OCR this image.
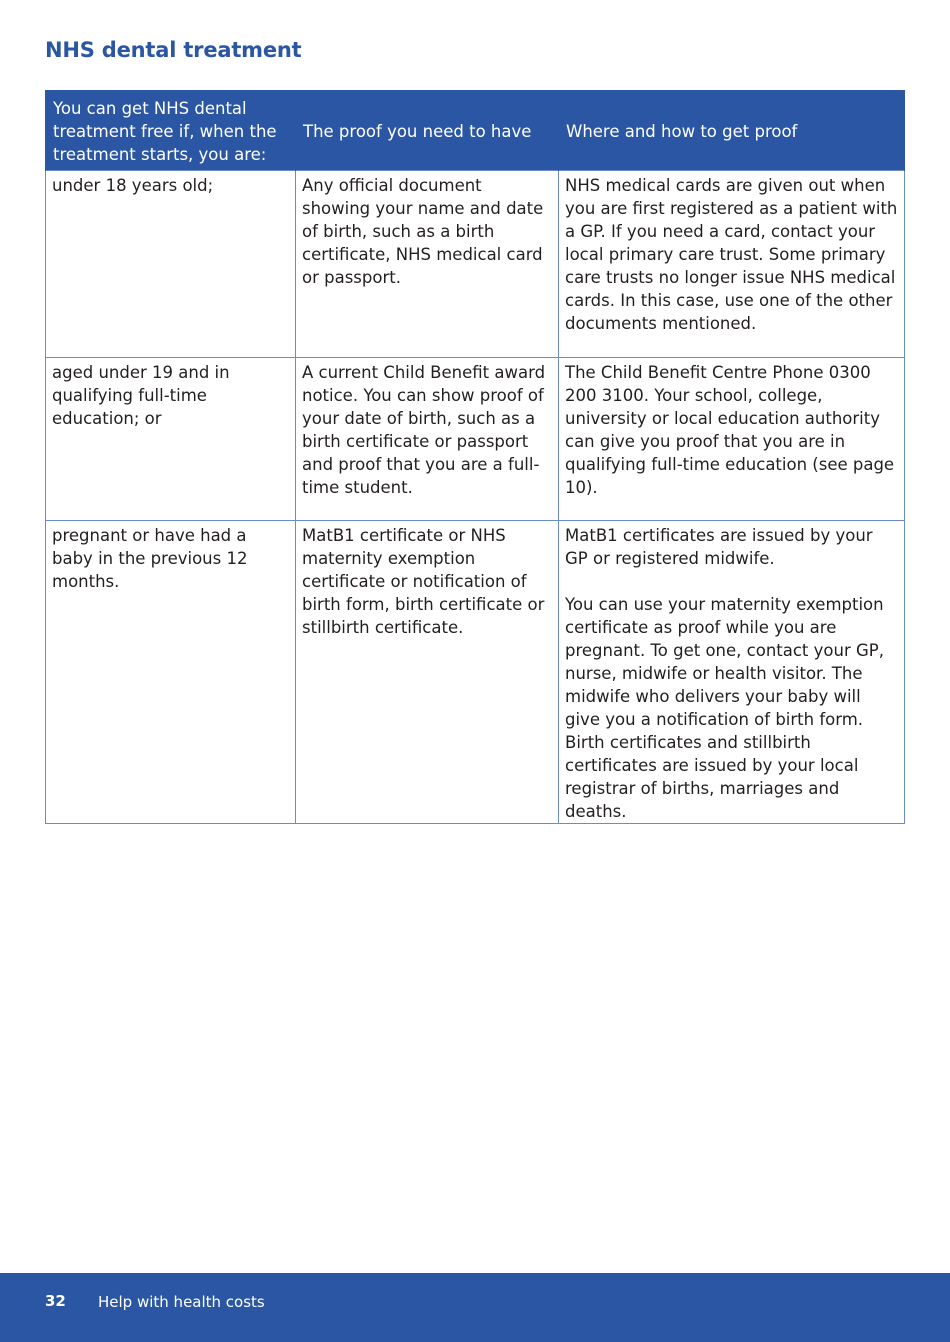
NHS dental treatment
You can get NHS dental treatment free if, when the treatment starts, you are:	The proof you need to have	Where and how to get proof
under 18 years old;	Any official document showing your name and date of birth, such as a birth certificate, NHS medical card or passport.	NHS medical cards are given out when you are first registered as a patient with a GP. If you need a card, contact your local primary care trust. Some primary care trusts no longer issue NHS medical cards. In this case, use one of the other documents mentioned.

aged under 19 and in qualifying full-time education; or	A current Child Benefit award notice. You can show proof of your date of birth, such as a birth certificate or passport and proof that you are a full-time student.	The Child Benefit Centre Phone 0300 200 3100. Your school, college, university or local education authority can give you proof that you are in qualifying full-time education (see page 10).

pregnant or have had a baby in the previous 12 months.	MatB1 certificate or NHS maternity exemption certificate or notification of birth form, birth certificate or stillbirth certificate.	MatB1 certificates are issued by your GP or registered midwife.
You can use your maternity exemption certificate as proof while you are pregnant. To get one, contact your GP, nurse, midwife or health visitor. The midwife who delivers your baby will give you a notification of birth form. Birth certificates and stillbirth certificates are issued by your local registrar of births, marriages and deaths.
32 Help with health costs
